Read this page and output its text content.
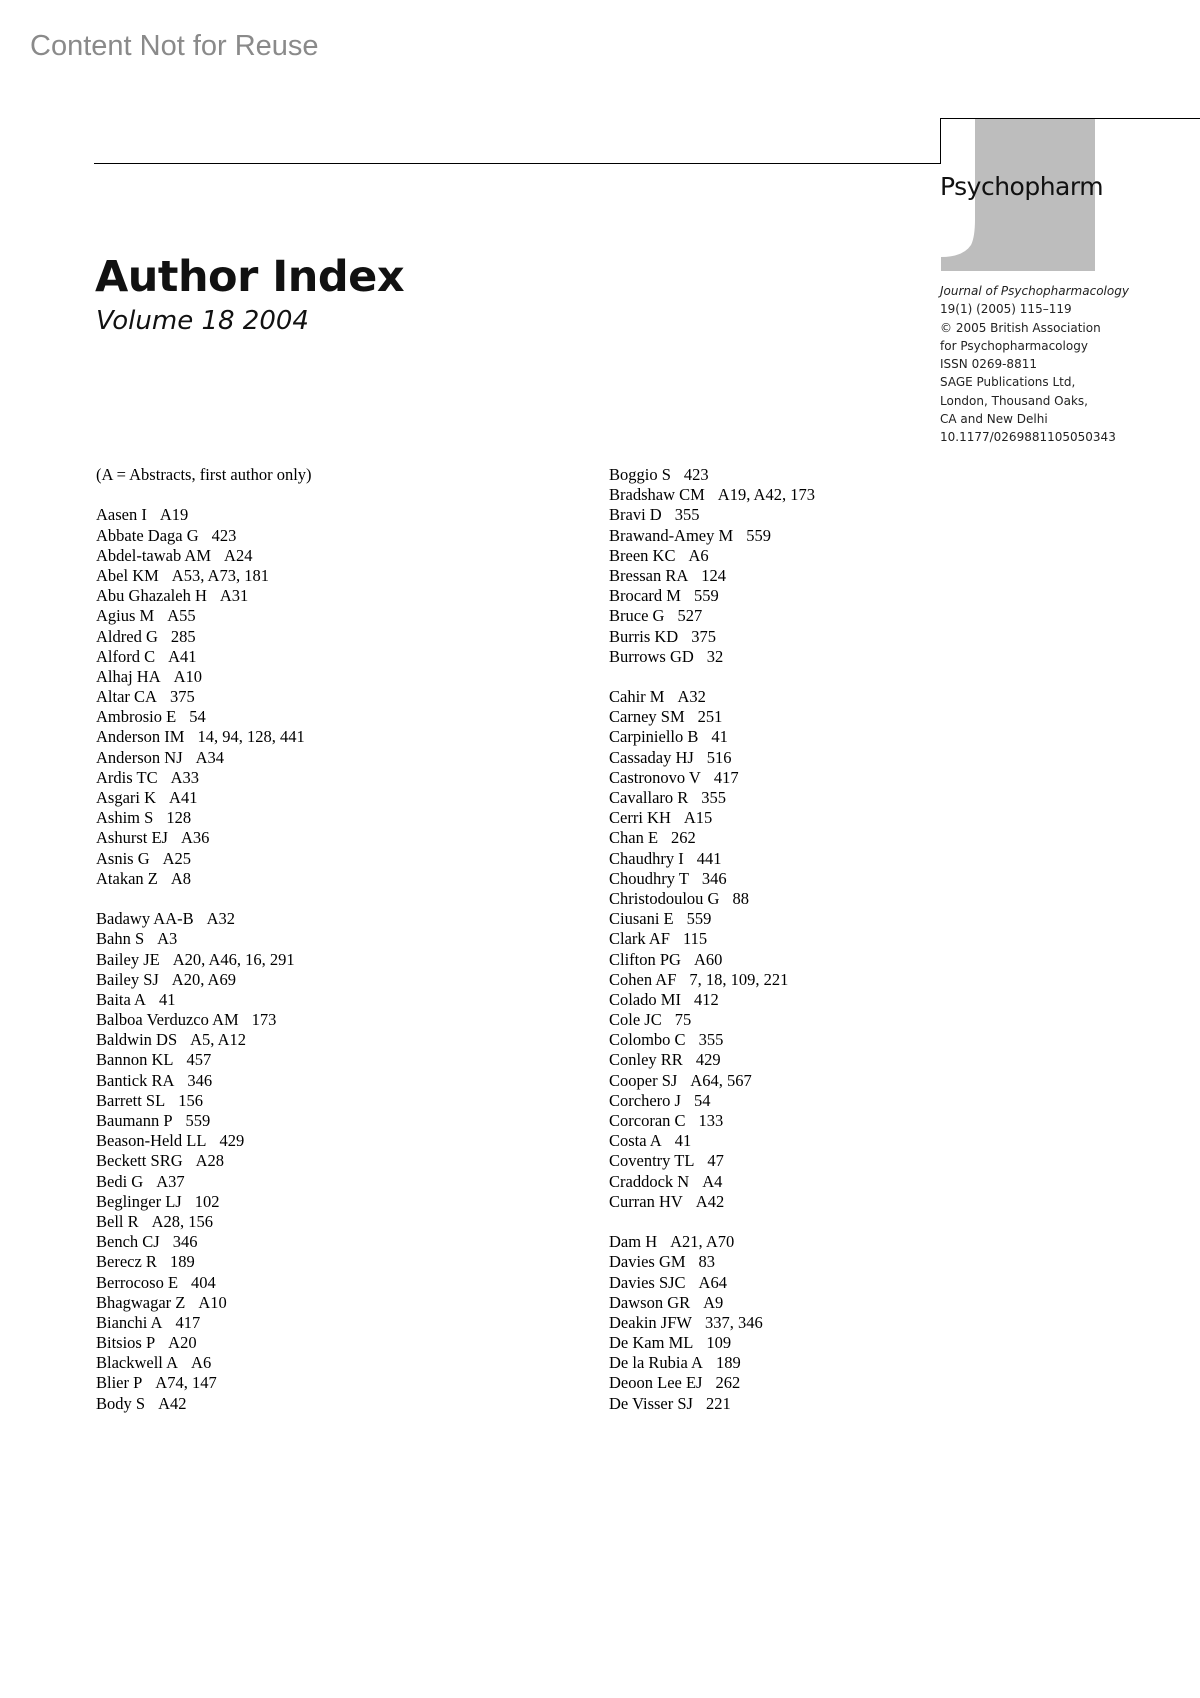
Content Not for Reuse
Psychopharm
Journal of Psychopharmacology
19(1) (2005) 115–119
© 2005 British Association
for Psychopharmacology
ISSN 0269-8811
SAGE Publications Ltd,
London, Thousand Oaks,
CA and New Delhi
10.1177/0269881105050343
Author Index
Volume 18 2004
(A = Abstracts, first author only)
Aasen I A19
Abbate Daga G 423
Abdel-tawab AM A24
Abel KM A53, A73, 181
Abu Ghazaleh H A31
Agius M A55
Aldred G 285
Alford C A41
Alhaj HA A10
Altar CA 375
Ambrosio E 54
Anderson IM 14, 94, 128, 441
Anderson NJ A34
Ardis TC A33
Asgari K A41
Ashim S 128
Ashurst EJ A36
Asnis G A25
Atakan Z A8
Badawy AA-B A32
Bahn S A3
Bailey JE A20, A46, 16, 291
Bailey SJ A20, A69
Baita A 41
Balboa Verduzco AM 173
Baldwin DS A5, A12
Bannon KL 457
Bantick RA 346
Barrett SL 156
Baumann P 559
Beason-Held LL 429
Beckett SRG A28
Bedi G A37
Beglinger LJ 102
Bell R A28, 156
Bench CJ 346
Berecz R 189
Berrocoso E 404
Bhagwagar Z A10
Bianchi A 417
Bitsios P A20
Blackwell A A6
Blier P A74, 147
Body S A42
Boggio S 423
Bradshaw CM A19, A42, 173
Bravi D 355
Brawand-Amey M 559
Breen KC A6
Bressan RA 124
Brocard M 559
Bruce G 527
Burris KD 375
Burrows GD 32
Cahir M A32
Carney SM 251
Carpiniello B 41
Cassaday HJ 516
Castronovo V 417
Cavallaro R 355
Cerri KH A15
Chan E 262
Chaudhry I 441
Choudhry T 346
Christodoulou G 88
Ciusani E 559
Clark AF 115
Clifton PG A60
Cohen AF 7, 18, 109, 221
Colado MI 412
Cole JC 75
Colombo C 355
Conley RR 429
Cooper SJ A64, 567
Corchero J 54
Corcoran C 133
Costa A 41
Coventry TL 47
Craddock N A4
Curran HV A42
Dam H A21, A70
Davies GM 83
Davies SJC A64
Dawson GR A9
Deakin JFW 337, 346
De Kam ML 109
De la Rubia A 189
Deoon Lee EJ 262
De Visser SJ 221
